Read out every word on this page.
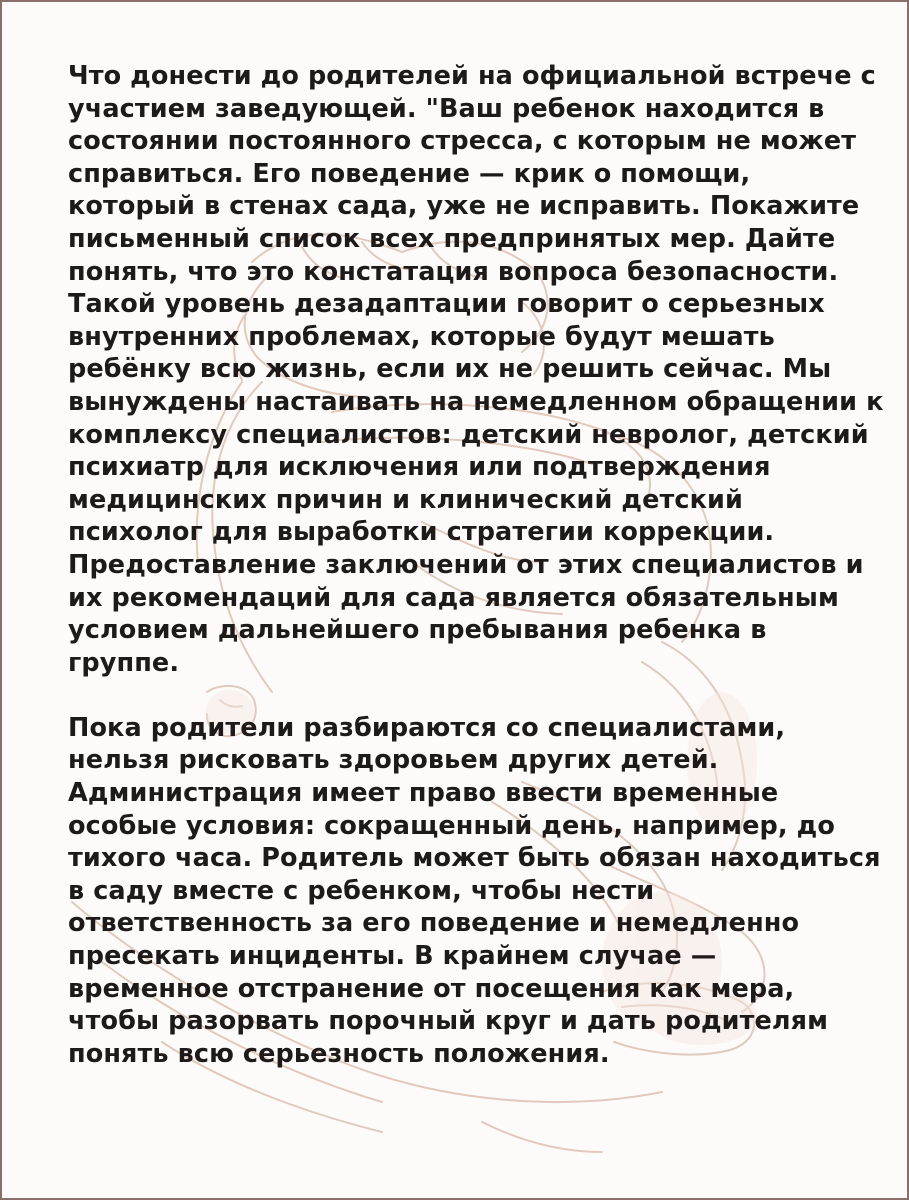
Что донести до родителей на официальной встрече с
участием заведующей. "Ваш ребенок находится в
состоянии постоянного стресса, с которым не может
справиться. Его поведение — крик о помощи,
который в стенах сада, уже не исправить. Покажите
письменный список всех предпринятых мер. Дайте
понять, что это констатация вопроса безопасности.
Такой уровень дезадаптации говорит о серьезных
внутренних проблемах, которые будут мешать
ребёнку всю жизнь, если их не решить сейчас. Мы
вынуждены настаивать на немедленном обращении к
комплексу специалистов: детский невролог, детский
психиатр для исключения или подтверждения
медицинских причин и клинический детский
психолог для выработки стратегии коррекции.
Предоставление заключений от этих специалистов и
их рекомендаций для сада является обязательным
условием дальнейшего пребывания ребенка в
группе.

Пока родители разбираются со специалистами,
нельзя рисковать здоровьем других детей.
Администрация имеет право ввести временные
особые условия: сокращенный день, например, до
тихого часа. Родитель может быть обязан находиться
в саду вместе с ребенком, чтобы нести
ответственность за его поведение и немедленно
пресекать инциденты. В крайнем случае —
временное отстранение от посещения как мера,
чтобы разорвать порочный круг и дать родителям
понять всю серьезность положения.
